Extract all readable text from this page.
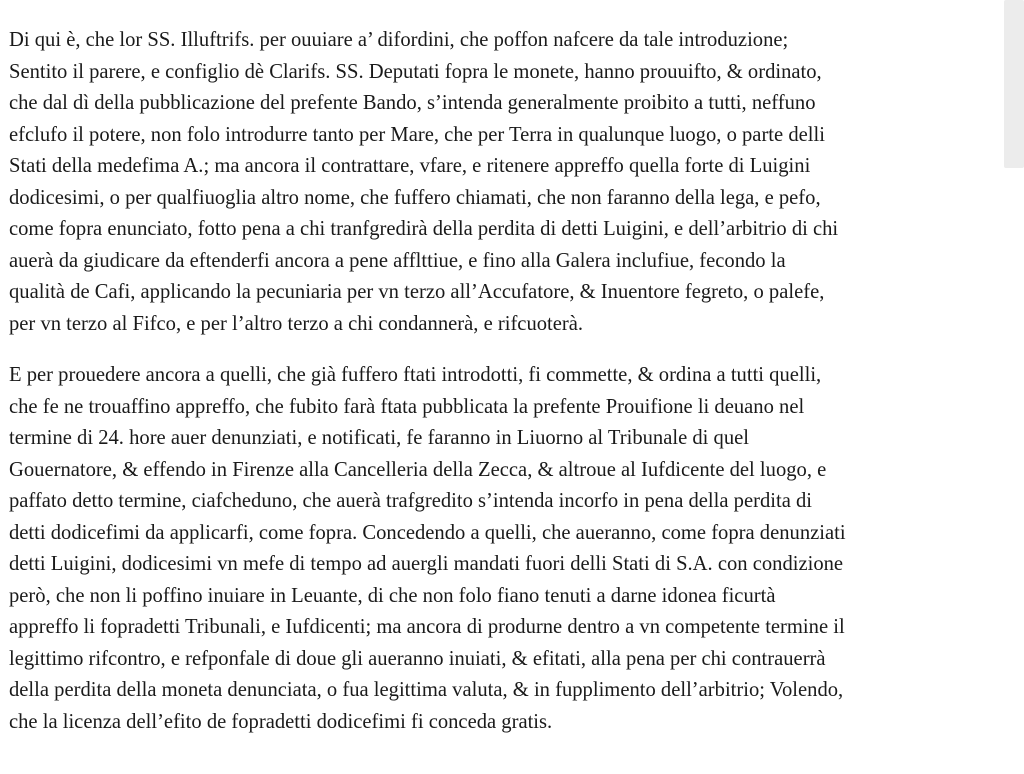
Di qui è, che lor SS. Illuftrifs. per ouuiare a’ difordini, che poffon nafcere da tale introduzione;
Sentito il parere, e configlio dè Clarifs. SS. Deputati fopra le monete, hanno prouuifto, & ordinato,
che dal dì della pubblicazione del prefente Bando, s’intenda generalmente proibito a tutti, neffuno
efclufo il potere, non folo introdurre tanto per Mare, che per Terra in qualunque luogo, o parte delli
Stati della medefima A.; ma ancora il contrattare, vfare, e ritenere appreffo quella forte di Luigini
dodicesimi, o per qualfiuoglia altro nome, che fuffero chiamati, che non faranno della lega, e pefo,
come fopra enunciato, fotto pena a chi tranfgredirà della perdita di detti Luigini, e dell’arbitrio di chi
auerà da giudicare da eftenderfi ancora a pene afflttiue, e fino alla Galera inclufiue, fecondo la
qualità de Cafi, applicando la pecuniaria per vn terzo all’Accufatore, & Inuentore fegreto, o palefe,
per vn terzo al Fifco, e per l’altro terzo a chi condannerà, e rifcuoterà.
E per prouedere ancora a quelli, che già fuffero ftati introdotti, fi commette, & ordina a tutti quelli,
che fe ne trouaffino appreffo, che fubito farà ftata pubblicata la prefente Prouifione li deuano nel
termine di 24. hore auer denunziati, e notificati, fe faranno in Liuorno al Tribunale di quel
Gouernatore, & effendo in Firenze alla Cancelleria della Zecca, & altroue al Iufdicente del luogo, e
paffato detto termine, ciafcheduno, che auerà trafgredito s’intenda incorfo in pena della perdita di
detti dodicefimi da applicarfi, come fopra. Concedendo a quelli, che aueranno, come fopra denunziati
detti Luigini, dodicesimi vn mefe di tempo ad auergli mandati fuori delli Stati di S.A. con condizione
però, che non li poffino inuiare in Leuante, di che non folo fiano tenuti a darne idonea ficurtà
appreffo li fopradetti Tribunali, e Iufdicenti; ma ancora di produrne dentro a vn competente termine il
legittimo rifcontro, e refponfale di doue gli aueranno inuiati, & efitati, alla pena per chi contrauerrà
della perdita della moneta denunciata, o fua legittima valuta, & in fupplimento dell’arbitrio; Volendo,
che la licenza dell’efito de fopradetti dodicefimi fi conceda gratis.
